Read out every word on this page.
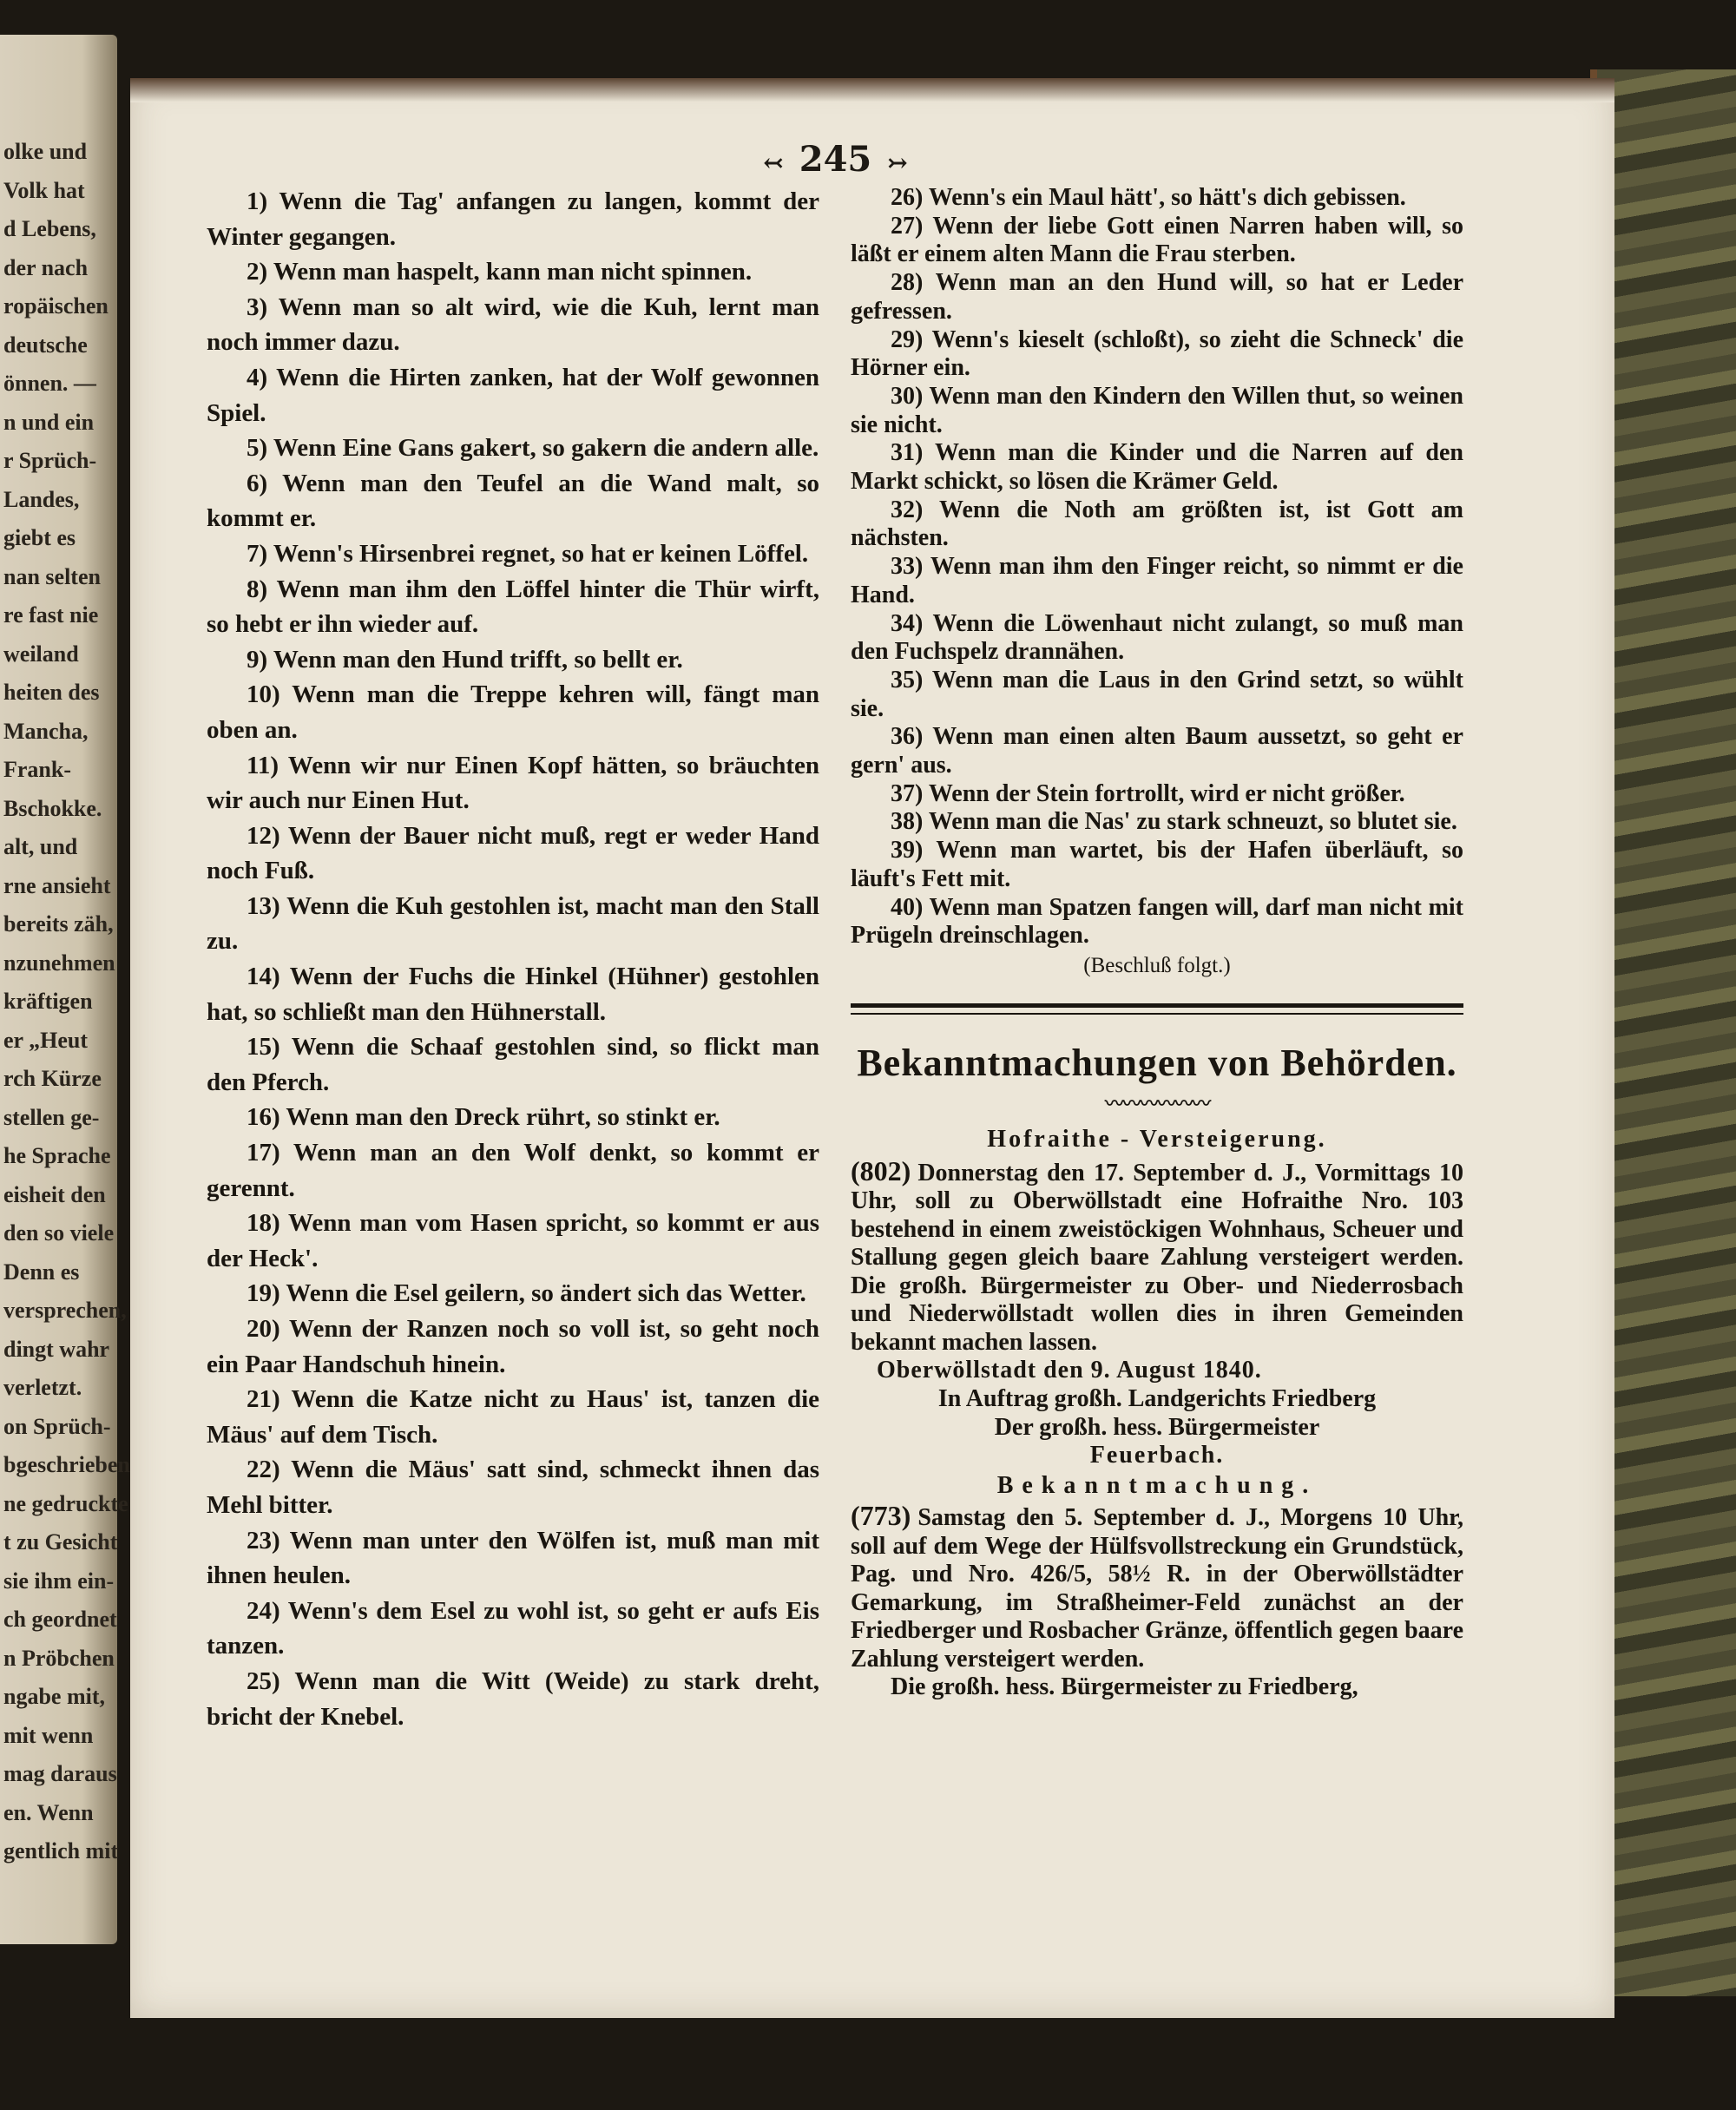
olke und
Volk hat
d Lebens,
der nach
ropäischen
deutsche
önnen. —
n und ein
r Sprüch-
Landes,
giebt es
nan selten
re fast nie
weiland
heiten des
Mancha,
Frank-
Bschokke.
alt, und
rne ansieht
bereits zäh,
nzunehmen
kräftigen
er „Heut
rch Kürze
stellen ge-
he Sprache
eisheit den
den so viele
Denn es
versprechen,
dingt wahr
verletzt.
on Sprüch-
bgeschrieben
ne gedruckte
t zu Gesicht
sie ihm ein-
ch geordnet
n Pröbchen
ngabe mit,
mit wenn
mag daraus
en. Wenn
gentlich mit
↢ 245 ↣

1) Wenn die Tag' anfangen zu langen, kommt der Winter gegangen.

2) Wenn man haspelt, kann man nicht spinnen.

3) Wenn man so alt wird, wie die Kuh, lernt man noch immer dazu.

4) Wenn die Hirten zanken, hat der Wolf gewonnen Spiel.

5) Wenn Eine Gans gakert, so gakern die andern alle.

6) Wenn man den Teufel an die Wand malt, so kommt er.

7) Wenn's Hirsenbrei regnet, so hat er keinen Löffel.

8) Wenn man ihm den Löffel hinter die Thür wirft, so hebt er ihn wieder auf.

9) Wenn man den Hund trifft, so bellt er.

10) Wenn man die Treppe kehren will, fängt man oben an.

11) Wenn wir nur Einen Kopf hätten, so bräuchten wir auch nur Einen Hut.

12) Wenn der Bauer nicht muß, regt er weder Hand noch Fuß.

13) Wenn die Kuh gestohlen ist, macht man den Stall zu.

14) Wenn der Fuchs die Hinkel (Hühner) gestohlen hat, so schließt man den Hühnerstall.

15) Wenn die Schaaf gestohlen sind, so flickt man den Pferch.

16) Wenn man den Dreck rührt, so stinkt er.

17) Wenn man an den Wolf denkt, so kommt er gerennt.

18) Wenn man vom Hasen spricht, so kommt er aus der Heck'.

19) Wenn die Esel geilern, so ändert sich das Wetter.

20) Wenn der Ranzen noch so voll ist, so geht noch ein Paar Handschuh hinein.

21) Wenn die Katze nicht zu Haus' ist, tanzen die Mäus' auf dem Tisch.

22) Wenn die Mäus' satt sind, schmeckt ihnen das Mehl bitter.

23) Wenn man unter den Wölfen ist, muß man mit ihnen heulen.

24) Wenn's dem Esel zu wohl ist, so geht er aufs Eis tanzen.

25) Wenn man die Witt (Weide) zu stark dreht, bricht der Knebel.

26) Wenn's ein Maul hätt', so hätt's dich gebissen.

27) Wenn der liebe Gott einen Narren haben will, so läßt er einem alten Mann die Frau sterben.

28) Wenn man an den Hund will, so hat er Leder gefressen.

29) Wenn's kieselt (schloßt), so zieht die Schneck' die Hörner ein.

30) Wenn man den Kindern den Willen thut, so weinen sie nicht.

31) Wenn man die Kinder und die Narren auf den Markt schickt, so lösen die Krämer Geld.

32) Wenn die Noth am größten ist, ist Gott am nächsten.

33) Wenn man ihm den Finger reicht, so nimmt er die Hand.

34) Wenn die Löwenhaut nicht zulangt, so muß man den Fuchspelz drannähen.

35) Wenn man die Laus in den Grind setzt, so wühlt sie.

36) Wenn man einen alten Baum aussetzt, so geht er gern' aus.

37) Wenn der Stein fortrollt, wird er nicht größer.

38) Wenn man die Nas' zu stark schneuzt, so blutet sie.

39) Wenn man wartet, bis der Hafen überläuft, so läuft's Fett mit.

40) Wenn man Spatzen fangen will, darf man nicht mit Prügeln dreinschlagen.

(Beschluß folgt.)

Bekanntmachungen von Behörden.

〰〰〰〰〰〰

Hofraithe - Versteigerung.

(802) Donnerstag den 17. September d. J., Vormittags 10 Uhr, soll zu Oberwöllstadt eine Hofraithe Nro. 103 bestehend in einem zweistöckigen Wohnhaus, Scheuer und Stallung gegen gleich baare Zahlung versteigert werden. Die großh. Bürgermeister zu Ober- und Niederrosbach und Niederwöllstadt wollen dies in ihren Gemeinden bekannt machen lassen.

Oberwöllstadt den 9. August 1840.

In Auftrag großh. Landgerichts Friedberg

Der großh. hess. Bürgermeister

Feuerbach.

Bekanntmachung.

(773) Samstag den 5. September d. J., Morgens 10 Uhr, soll auf dem Wege der Hülfsvollstreckung ein Grundstück, Pag. und Nro. 426/5, 58½ R. in der Oberwöllstädter Gemarkung, im Straßheimer-Feld zunächst an der Friedberger und Rosbacher Gränze, öffentlich gegen baare Zahlung versteigert werden.

Die großh. hess. Bürgermeister zu Friedberg,
